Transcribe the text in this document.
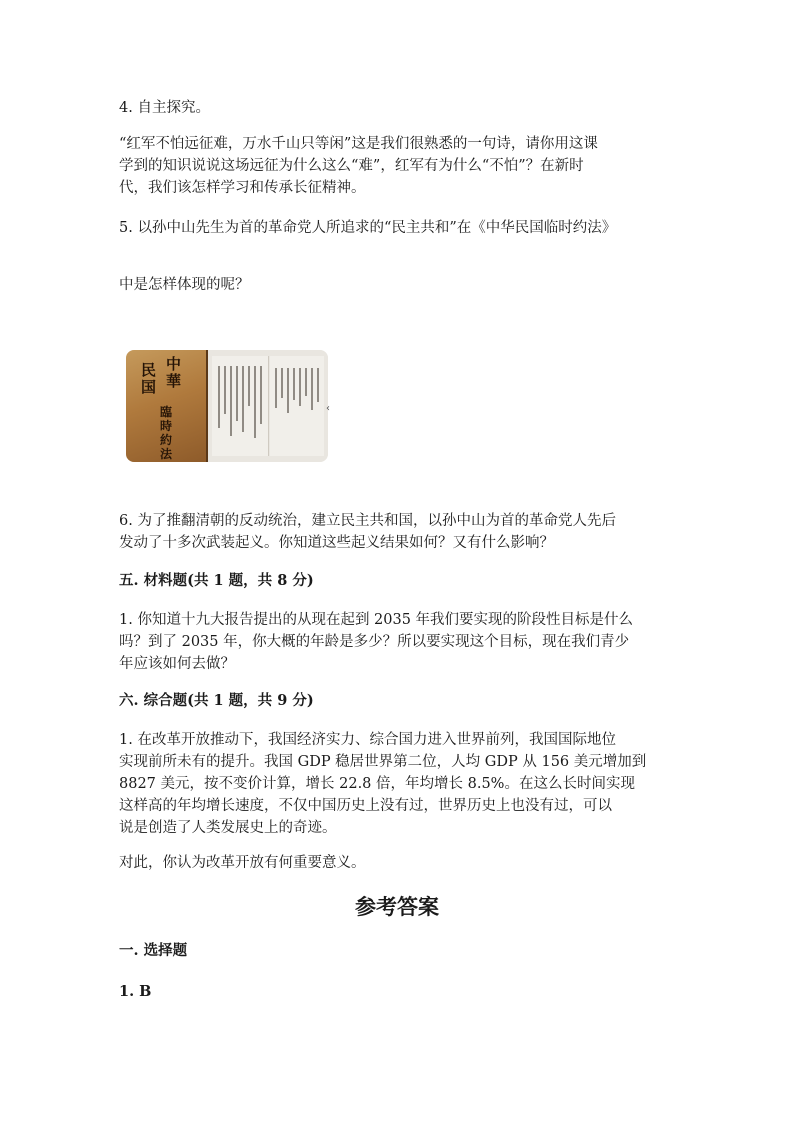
4. 自主探究。

“红军不怕远征难，万水千山只等闲”这是我们很熟悉的一句诗，请你用这课

学到的知识说说这场远征为什么这么“难”，红军有为什么“不怕”？在新时

代，我们该怎样学习和传承长征精神。

5. 以孙中山先生为首的革命党人所追求的“民主共和”在《中华民国临时约法》

中是怎样体现的呢？

中華
民国
臨時約法
‹

6. 为了推翻清朝的反动统治，建立民主共和国，以孙中山为首的革命党人先后

发动了十多次武装起义。你知道这些起义结果如何？又有什么影响？

五. 材料题(共 1 题，共 8 分)

1. 你知道十九大报告提出的从现在起到 2035 年我们要实现的阶段性目标是什么

吗？到了 2035 年，你大概的年龄是多少？所以要实现这个目标，现在我们青少

年应该如何去做？

六. 综合题(共 1 题，共 9 分)

1. 在改革开放推动下，我国经济实力、综合国力进入世界前列，我国国际地位

实现前所未有的提升。我国 GDP 稳居世界第二位，人均 GDP 从 156 美元增加到

8827 美元，按不变价计算，增长 22.8 倍，年均增长 8.5%。在这么长时间实现

这样高的年均增长速度，不仅中国历史上没有过，世界历史上也没有过，可以

说是创造了人类发展史上的奇迹。

对此，你认为改革开放有何重要意义。

参考答案

一. 选择题

1. B
